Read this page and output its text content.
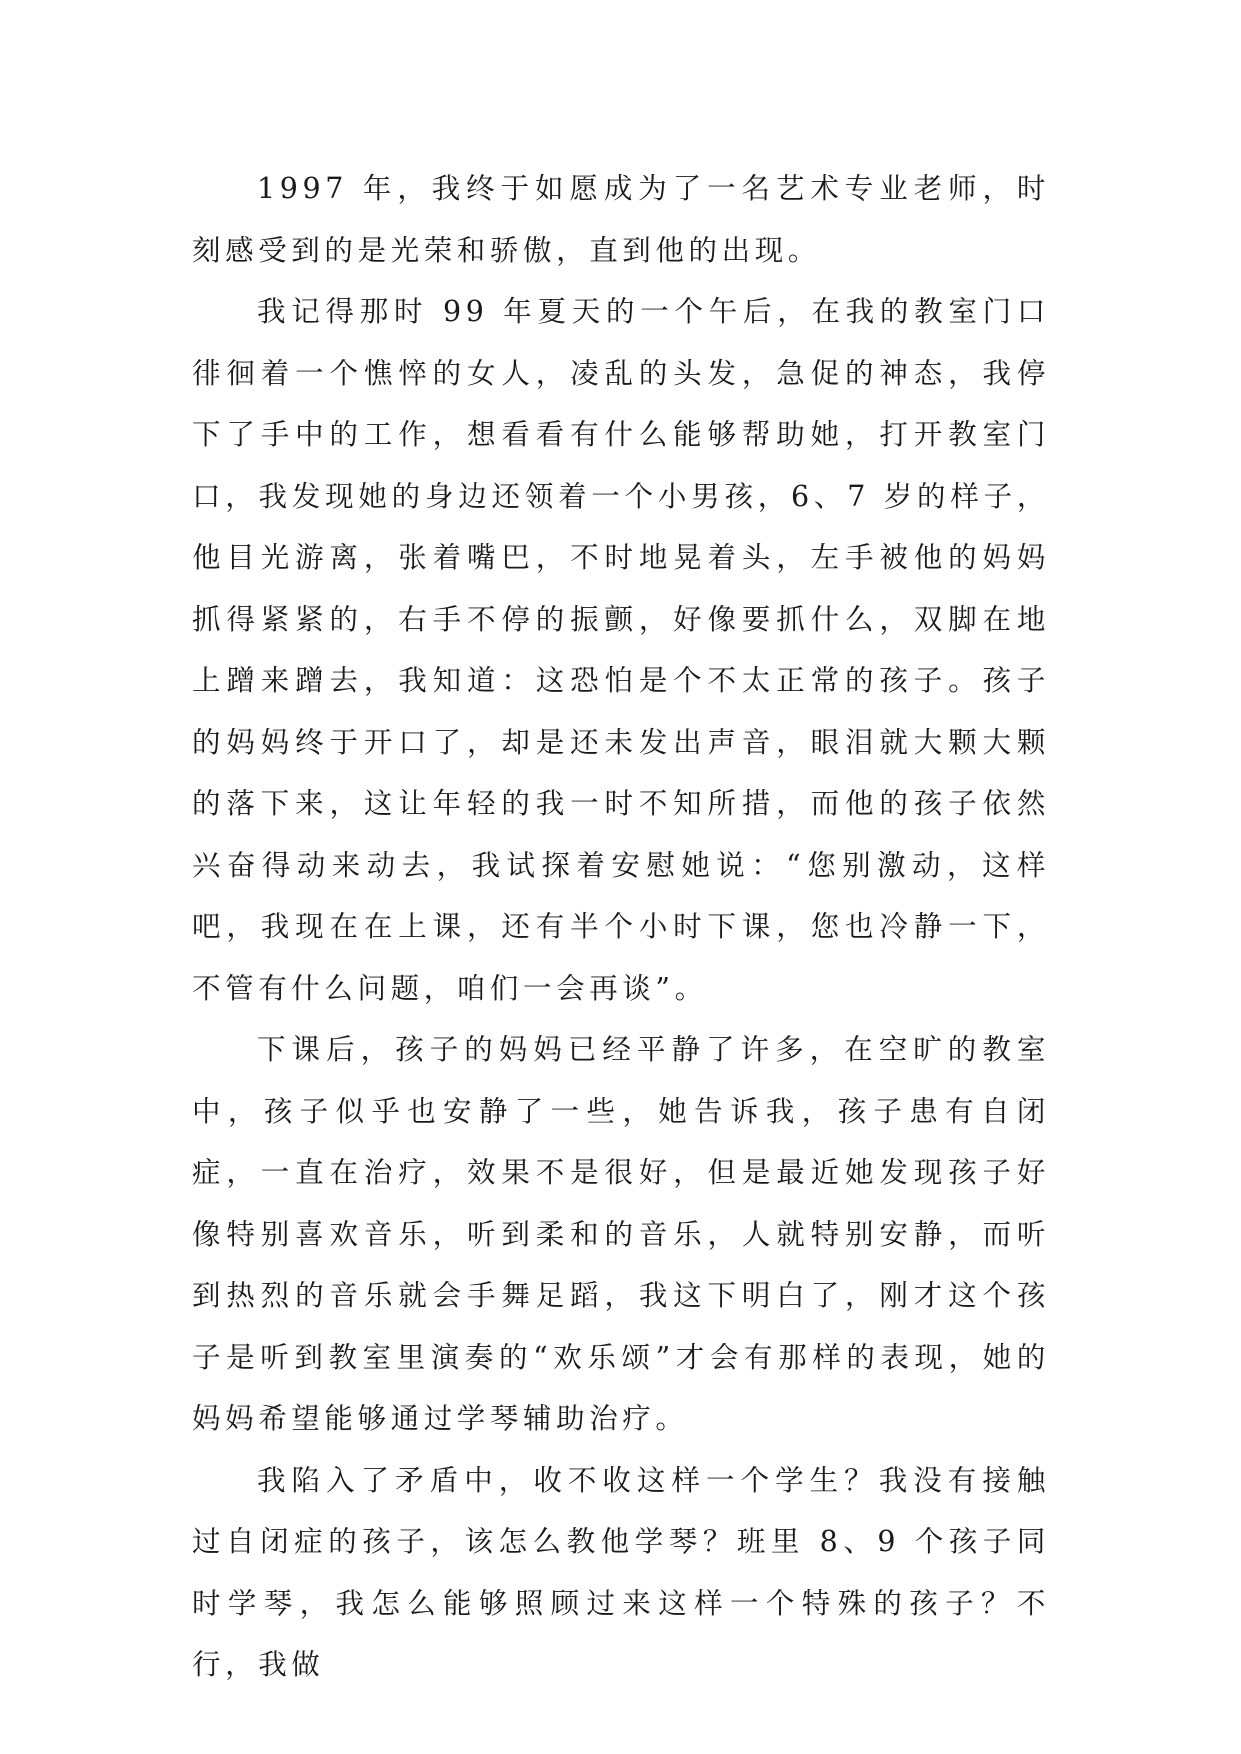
1997 年，我终于如愿成为了一名艺术专业老师，时刻感受到的是光荣和骄傲，直到他的出现。

我记得那时 99 年夏天的一个午后，在我的教室门口徘徊着一个憔悴的女人，凌乱的头发，急促的神态，我停下了手中的工作，想看看有什么能够帮助她，打开教室门口，我发现她的身边还领着一个小男孩，6、7 岁的样子，他目光游离，张着嘴巴，不时地晃着头，左手被他的妈妈抓得紧紧的，右手不停的振颤，好像要抓什么，双脚在地上蹭来蹭去，我知道：这恐怕是个不太正常的孩子。孩子的妈妈终于开口了，却是还未发出声音，眼泪就大颗大颗的落下来，这让年轻的我一时不知所措，而他的孩子依然兴奋得动来动去，我试探着安慰她说：“您别激动，这样吧，我现在在上课，还有半个小时下课，您也冷静一下，不管有什么问题，咱们一会再谈”。

下课后，孩子的妈妈已经平静了许多，在空旷的教室中，孩子似乎也安静了一些，她告诉我，孩子患有自闭症，一直在治疗，效果不是很好，但是最近她发现孩子好像特别喜欢音乐，听到柔和的音乐，人就特别安静，而听到热烈的音乐就会手舞足蹈，我这下明白了，刚才这个孩子是听到教室里演奏的“欢乐颂”才会有那样的表现，她的妈妈希望能够通过学琴辅助治疗。

我陷入了矛盾中，收不收这样一个学生？我没有接触过自闭症的孩子，该怎么教他学琴？班里 8、9 个孩子同时学琴，我怎么能够照顾过来这样一个特殊的孩子？不行，我做
